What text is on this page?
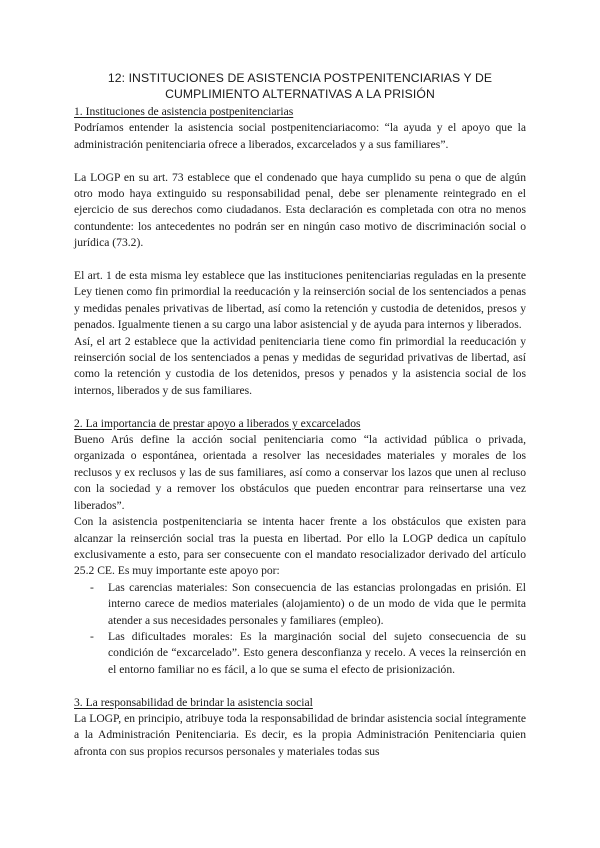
12: INSTITUCIONES DE ASISTENCIA POSTPENITENCIARIAS Y DE CUMPLIMIENTO ALTERNATIVAS A LA PRISIÓN

1. Instituciones de asistencia postpenitenciarias

Podríamos entender la asistencia social postpenitenciariacomo: “la ayuda y el apoyo que la administración penitenciaria ofrece a liberados, excarcelados y a sus familiares”.

La LOGP en su art. 73 establece que el condenado que haya cumplido su pena o que de algún otro modo haya extinguido su responsabilidad penal, debe ser plenamente reintegrado en el ejercicio de sus derechos como ciudadanos. Esta declaración es completada con otra no menos contundente: los antecedentes no podrán ser en ningún caso motivo de discriminación social o jurídica (73.2).

El art. 1 de esta misma ley establece que las instituciones penitenciarias reguladas en la presente Ley tienen como fin primordial la reeducación y la reinserción social de los sentenciados a penas y medidas penales privativas de libertad, así como la retención y custodia de detenidos, presos y penados. Igualmente tienen a su cargo una labor asistencial y de ayuda para internos y liberados.

Así, el art 2 establece que la actividad penitenciaria tiene como fin primordial la reeducación y reinserción social de los sentenciados a penas y medidas de seguridad privativas de libertad, así como la retención y custodia de los detenidos, presos y penados y la asistencia social de los internos, liberados y de sus familiares.

2. La importancia de prestar apoyo a liberados y excarcelados

Bueno Arús define la acción social penitenciaria como “la actividad pública o privada, organizada o espontánea, orientada a resolver las necesidades materiales y morales de los reclusos y ex reclusos y las de sus familiares, así como a conservar los lazos que unen al recluso con la sociedad y a remover los obstáculos que pueden encontrar para reinsertarse una vez liberados”.

Con la asistencia postpenitenciaria se intenta hacer frente a los obstáculos que existen para alcanzar la reinserción social tras la puesta en libertad. Por ello la LOGP dedica un capítulo exclusivamente a esto, para ser consecuente con el mandato resocializador derivado del artículo 25.2 CE. Es muy importante este apoyo por:

- Las carencias materiales: Son consecuencia de las estancias prolongadas en prisión. El interno carece de medios materiales (alojamiento) o de un modo de vida que le permita atender a sus necesidades personales y familiares (empleo).
- Las dificultades morales: Es la marginación social del sujeto consecuencia de su condición de “excarcelado”. Esto genera desconfianza y recelo. A veces la reinserción en el entorno familiar no es fácil, a lo que se suma el efecto de prisionización.

3. La responsabilidad de brindar la asistencia social

La LOGP, en principio, atribuye toda la responsabilidad de brindar asistencia social íntegramente a la Administración Penitenciaria. Es decir, es la propia Administración Penitenciaria quien afronta con sus propios recursos personales y materiales todas sus
